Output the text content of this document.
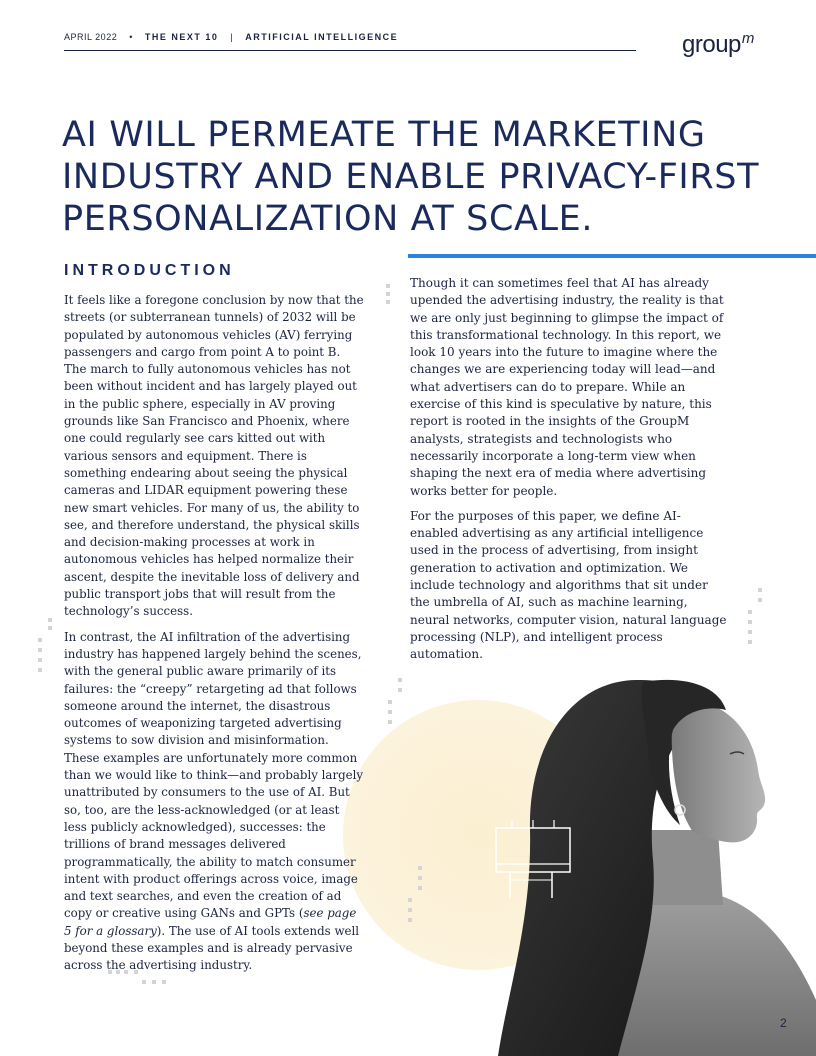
APRIL 2022 • THE NEXT 10 | ARTIFICIAL INTELLIGENCE	group$^m$
AI WILL PERMEATE THE MARKETING INDUSTRY AND ENABLE PRIVACY-FIRST PERSONALIZATION AT SCALE.
INTRODUCTION

It feels like a foregone conclusion by now that the streets (or subterranean tunnels) of 2032 will be populated by autonomous vehicles (AV) ferrying passengers and cargo from point A to point B. The march to fully autonomous vehicles has not been without incident and has largely played out in the public sphere, especially in AV proving grounds like San Francisco and Phoenix, where one could regularly see cars kitted out with various sensors and equipment. There is something endearing about seeing the physical cameras and LIDAR equipment powering these new smart vehicles. For many of us, the ability to see, and therefore understand, the physical skills and decision-making processes at work in autonomous vehicles has helped normalize their ascent, despite the inevitable loss of delivery and public transport jobs that will result from the technology’s success.

In contrast, the AI infiltration of the advertising industry has happened largely behind the scenes, with the general public aware primarily of its failures: the “creepy” retargeting ad that follows someone around the internet, the disastrous outcomes of weaponizing targeted advertising systems to sow division and misinformation. These examples are unfortunately more common than we would like to think—and probably largely unattributed by consumers to the use of AI. But so, too, are the less-acknowledged (or at least less publicly acknowledged), successes: the trillions of brand messages delivered programmatically, the ability to match consumer intent with product offerings across voice, image and text searches, and even the creation of ad copy or creative using GANs and GPTs (see page 5 for a glossary). The use of AI tools extends well beyond these examples and is already pervasive across the advertising industry.

Though it can sometimes feel that AI has already upended the advertising industry, the reality is that we are only just beginning to glimpse the impact of this transformational technology. In this report, we look 10 years into the future to imagine where the changes we are experiencing today will lead—and what advertisers can do to prepare. While an exercise of this kind is speculative by nature, this report is rooted in the insights of the GroupM analysts, strategists and technologists who necessarily incorporate a long-term view when shaping the next era of media where advertising works better for people.

For the purposes of this paper, we define AI-enabled advertising as any artificial intelligence used in the process of advertising, from insight generation to activation and optimization. We include technology and algorithms that sit under the umbrella of AI, such as machine learning, neural networks, computer vision, natural language processing (NLP), and intelligent process automation.

2
